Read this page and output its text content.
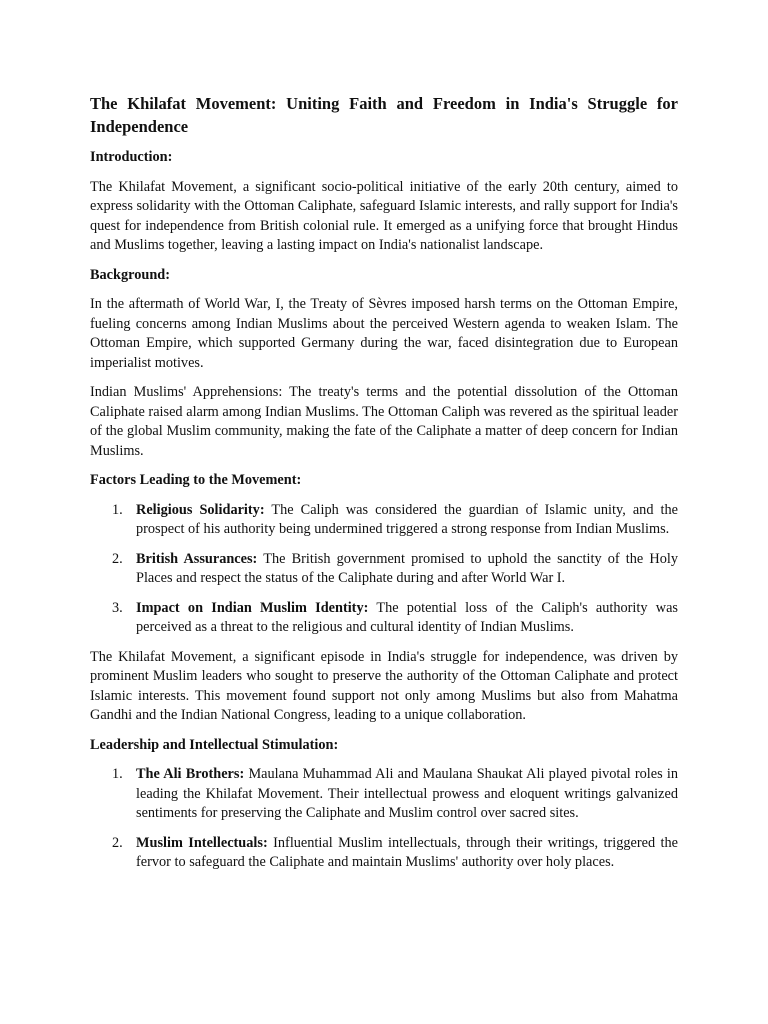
The Khilafat Movement: Uniting Faith and Freedom in India's Struggle for Independence
Introduction:

The Khilafat Movement, a significant socio-political initiative of the early 20th century, aimed to express solidarity with the Ottoman Caliphate, safeguard Islamic interests, and rally support for India's quest for independence from British colonial rule. It emerged as a unifying force that brought Hindus and Muslims together, leaving a lasting impact on India's nationalist landscape.

Background:

In the aftermath of World War, I, the Treaty of Sèvres imposed harsh terms on the Ottoman Empire, fueling concerns among Indian Muslims about the perceived Western agenda to weaken Islam. The Ottoman Empire, which supported Germany during the war, faced disintegration due to European imperialist motives.

Indian Muslims' Apprehensions: The treaty's terms and the potential dissolution of the Ottoman Caliphate raised alarm among Indian Muslims. The Ottoman Caliph was revered as the spiritual leader of the global Muslim community, making the fate of the Caliphate a matter of deep concern for Indian Muslims.

Factors Leading to the Movement:
1. Religious Solidarity: The Caliph was considered the guardian of Islamic unity, and the prospect of his authority being undermined triggered a strong response from Indian Muslims.
2. British Assurances: The British government promised to uphold the sanctity of the Holy Places and respect the status of the Caliphate during and after World War I.
3. Impact on Indian Muslim Identity: The potential loss of the Caliph's authority was perceived as a threat to the religious and cultural identity of Indian Muslims.

The Khilafat Movement, a significant episode in India's struggle for independence, was driven by prominent Muslim leaders who sought to preserve the authority of the Ottoman Caliphate and protect Islamic interests. This movement found support not only among Muslims but also from Mahatma Gandhi and the Indian National Congress, leading to a unique collaboration.

Leadership and Intellectual Stimulation:
1. The Ali Brothers: Maulana Muhammad Ali and Maulana Shaukat Ali played pivotal roles in leading the Khilafat Movement. Their intellectual prowess and eloquent writings galvanized sentiments for preserving the Caliphate and Muslim control over sacred sites.
2. Muslim Intellectuals: Influential Muslim intellectuals, through their writings, triggered the fervor to safeguard the Caliphate and maintain Muslims' authority over holy places.
